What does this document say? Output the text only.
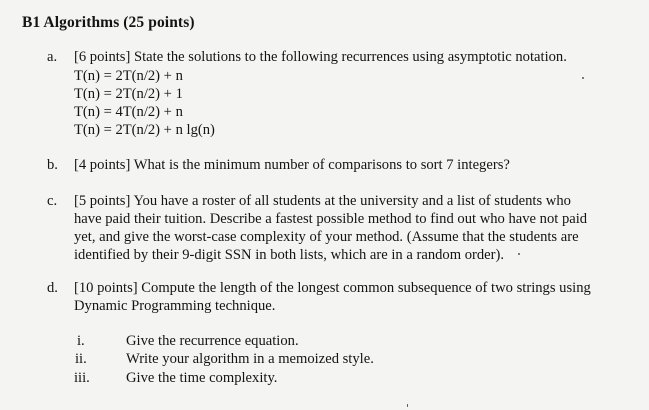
B1 Algorithms (25 points)
a. [6 points] State the solutions to the following recurrences using asymptotic notation.
T(n) = 2T(n/2) + n
T(n) = 2T(n/2) + 1
T(n) = 4T(n/2) + n
T(n) = 2T(n/2) + n lg(n)
b. [4 points] What is the minimum number of comparisons to sort 7 integers?
c. [5 points] You have a roster of all students at the university and a list of students who
have paid their tuition. Describe a fastest possible method to find out who have not paid
yet, and give the worst-case complexity of your method. (Assume that the students are
identified by their 9-digit SSN in both lists, which are in a random order).
d. [10 points] Compute the length of the longest common subsequence of two strings using
Dynamic Programming technique.
i.	Give the recurrence equation.
ii.	Write your algorithm in a memoized style.
iii. Give the time complexity.
